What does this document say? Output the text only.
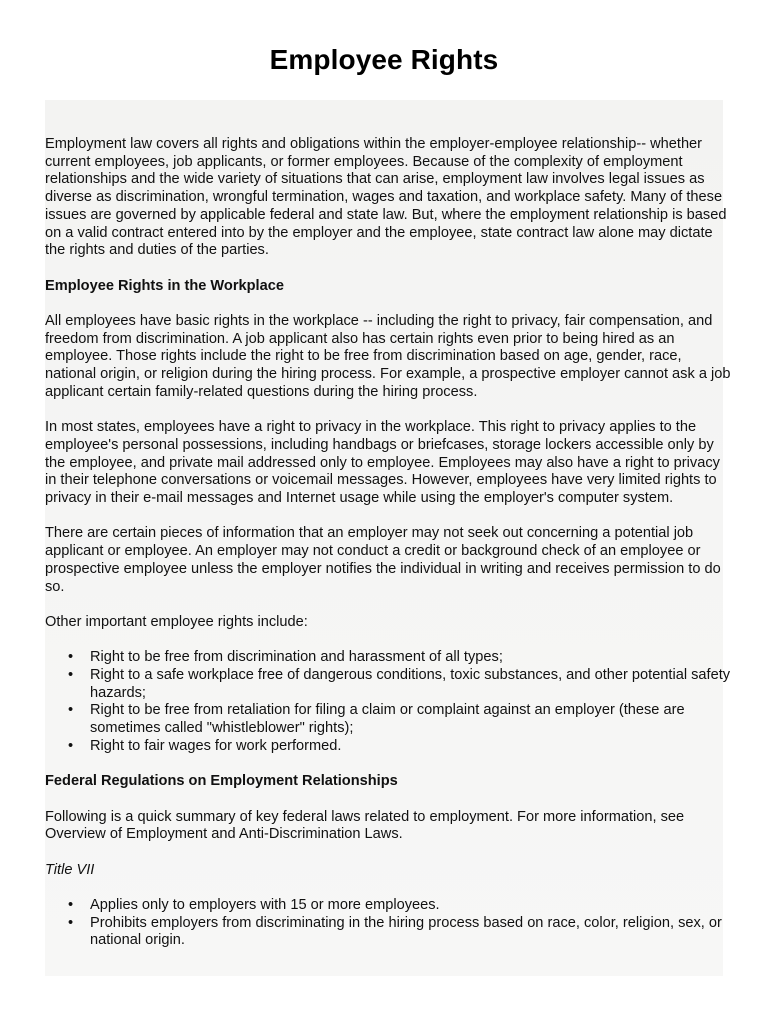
Employee Rights

Employment law covers all rights and obligations within the employer-employee relationship-- whether current employees, job applicants, or former employees. Because of the complexity of employment relationships and the wide variety of situations that can arise, employment law involves legal issues as diverse as discrimination, wrongful termination, wages and taxation, and workplace safety. Many of these issues are governed by applicable federal and state law. But, where the employment relationship is based on a valid contract entered into by the employer and the employee, state contract law alone may dictate the rights and duties of the parties.

Employee Rights in the Workplace

All employees have basic rights in the workplace -- including the right to privacy, fair compensation, and freedom from discrimination. A job applicant also has certain rights even prior to being hired as an employee. Those rights include the right to be free from discrimination based on age, gender, race, national origin, or religion during the hiring process. For example, a prospective employer cannot ask a job applicant certain family-related questions during the hiring process.

In most states, employees have a right to privacy in the workplace. This right to privacy applies to the employee's personal possessions, including handbags or briefcases, storage lockers accessible only by the employee, and private mail addressed only to employee. Employees may also have a right to privacy in their telephone conversations or voicemail messages. However, employees have very limited rights to privacy in their e-mail messages and Internet usage while using the employer's computer system.

There are certain pieces of information that an employer may not seek out concerning a potential job applicant or employee. An employer may not conduct a credit or background check of an employee or prospective employee unless the employer notifies the individual in writing and receives permission to do so.

Other important employee rights include:

• Right to be free from discrimination and harassment of all types;
• Right to a safe workplace free of dangerous conditions, toxic substances, and other potential safety hazards;
• Right to be free from retaliation for filing a claim or complaint against an employer (these are sometimes called "whistleblower" rights);
• Right to fair wages for work performed.
Federal Regulations on Employment Relationships

Following is a quick summary of key federal laws related to employment. For more information, see Overview of Employment and Anti-Discrimination Laws.

Title VII

• Applies only to employers with 15 or more employees.
• Prohibits employers from discriminating in the hiring process based on race, color, religion, sex, or national origin.
